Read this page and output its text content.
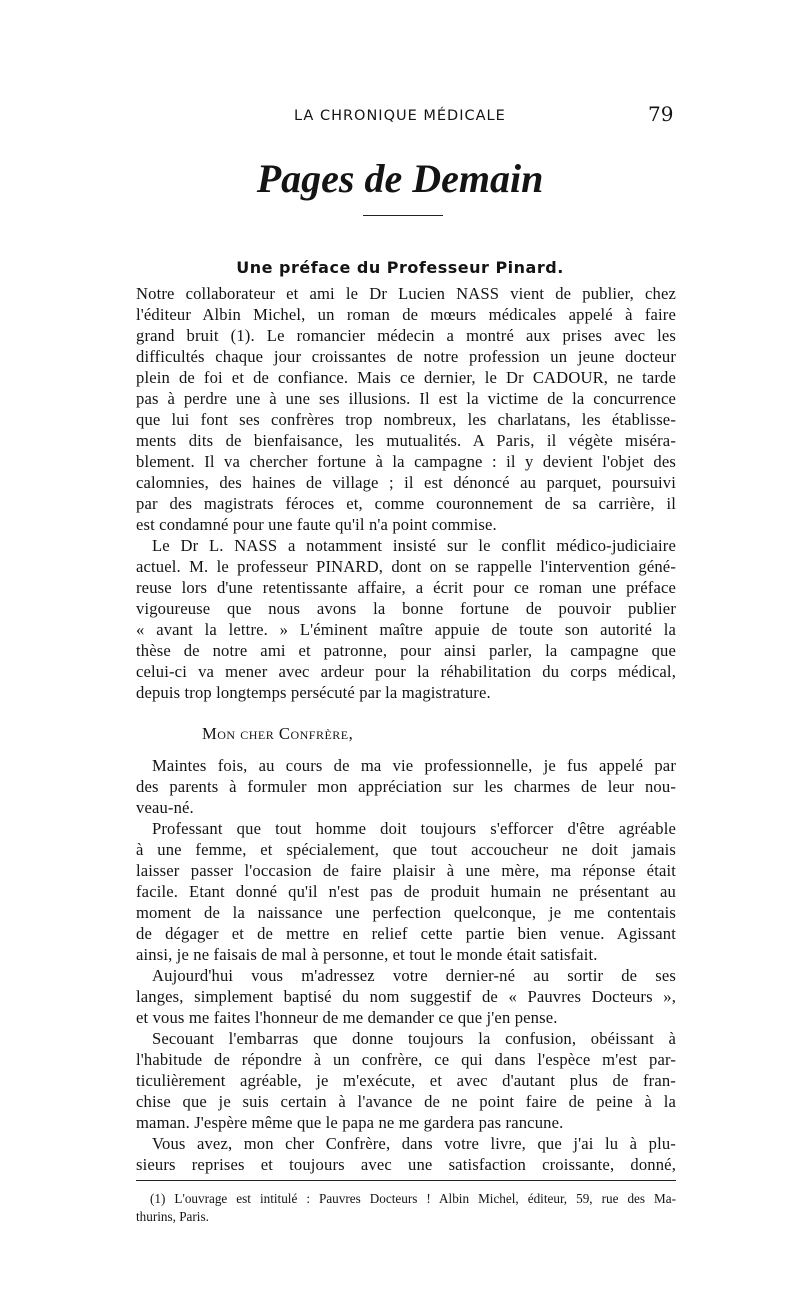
LA CHRONIQUE MÉDICALE	79
Pages de Demain
Une préface du Professeur Pinard.
Notre collaborateur et ami le Dr Lucien NASS vient de publier, chez
l'éditeur Albin Michel, un roman de mœurs médicales appelé à faire
grand bruit (1). Le romancier médecin a montré aux prises avec les
difficultés chaque jour croissantes de notre profession un jeune docteur
plein de foi et de confiance. Mais ce dernier, le Dr CADOUR, ne tarde
pas à perdre une à une ses illusions. Il est la victime de la concurrence
que lui font ses confrères trop nombreux, les charlatans, les établisse-
ments dits de bienfaisance, les mutualités. A Paris, il végète miséra-
blement. Il va chercher fortune à la campagne : il y devient l'objet des
calomnies, des haines de village ; il est dénoncé au parquet, poursuivi
par des magistrats féroces et, comme couronnement de sa carrière, il
est condamné pour une faute qu'il n'a point commise.
Le Dr L. NASS a notamment insisté sur le conflit médico-judiciaire
actuel. M. le professeur PINARD, dont on se rappelle l'intervention géné-
reuse lors d'une retentissante affaire, a écrit pour ce roman une préface
vigoureuse que nous avons la bonne fortune de pouvoir publier
« avant la lettre. » L'éminent maître appuie de toute son autorité la
thèse de notre ami et patronne, pour ainsi parler, la campagne que
celui-ci va mener avec ardeur pour la réhabilitation du corps médical,
depuis trop longtemps persécuté par la magistrature.
Mon cher Confrère,
Maintes fois, au cours de ma vie professionnelle, je fus appelé par
des parents à formuler mon appréciation sur les charmes de leur nou-
veau-né.
Professant que tout homme doit toujours s'efforcer d'être agréable
à une femme, et spécialement, que tout accoucheur ne doit jamais
laisser passer l'occasion de faire plaisir à une mère, ma réponse était
facile. Etant donné qu'il n'est pas de produit humain ne présentant au
moment de la naissance une perfection quelconque, je me contentais
de dégager et de mettre en relief cette partie bien venue. Agissant
ainsi, je ne faisais de mal à personne, et tout le monde était satisfait.
Aujourd'hui vous m'adressez votre dernier-né au sortir de ses
langes, simplement baptisé du nom suggestif de « Pauvres Docteurs »,
et vous me faites l'honneur de me demander ce que j'en pense.
Secouant l'embarras que donne toujours la confusion, obéissant à
l'habitude de répondre à un confrère, ce qui dans l'espèce m'est par-
ticulièrement agréable, je m'exécute, et avec d'autant plus de fran-
chise que je suis certain à l'avance de ne point faire de peine à la
maman. J'espère même que le papa ne me gardera pas rancune.
Vous avez, mon cher Confrère, dans votre livre, que j'ai lu à plu-
sieurs reprises et toujours avec une satisfaction croissante, donné,
(1) L'ouvrage est intitulé : Pauvres Docteurs ! Albin Michel, éditeur, 59, rue des Ma-
thurins, Paris.
